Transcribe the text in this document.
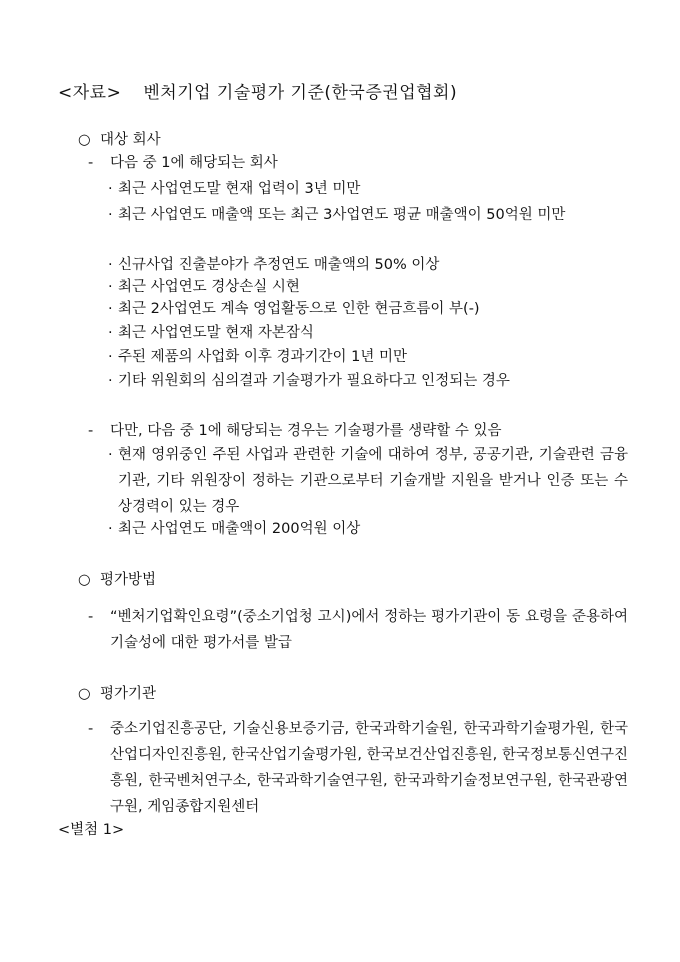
<자료> 벤처기업 기술평가 기준(한국증권업협회)
○ 대상 회사
- 다음 중 1에 해당되는 회사
· 최근 사업연도말 현재 업력이 3년 미만
· 최근 사업연도 매출액 또는 최근 3사업연도 평균 매출액이 50억원 미만
· 신규사업 진출분야가 추정연도 매출액의 50% 이상
· 최근 사업연도 경상손실 시현
· 최근 2사업연도 계속 영업활동으로 인한 현금흐름이 부(-)
· 최근 사업연도말 현재 자본잠식
· 주된 제품의 사업화 이후 경과기간이 1년 미만
· 기타 위원회의 심의결과 기술평가가 필요하다고 인정되는 경우
- 다만, 다음 중 1에 해당되는 경우는 기술평가를 생략할 수 있음
· 현재 영위중인 주된 사업과 관련한 기술에 대하여 정부, 공공기관, 기술관련 금융기관, 기타 위원장이 정하는 기관으로부터 기술개발 지원을 받거나 인증 또는 수상경력이 있는 경우
· 최근 사업연도 매출액이 200억원 이상
○ 평가방법
- “벤처기업확인요령”(중소기업청 고시)에서 정하는 평가기관이 동 요령을 준용하여 기술성에 대한 평가서를 발급
○ 평가기관
- 중소기업진흥공단, 기술신용보증기금, 한국과학기술원, 한국과학기술평가원, 한국산업디자인진흥원, 한국산업기술평가원, 한국보건산업진흥원, 한국정보통신연구진흥원, 한국벤처연구소, 한국과학기술연구원, 한국과학기술정보연구원, 한국관광연구원, 게임종합지원센터
<별첨 1>
